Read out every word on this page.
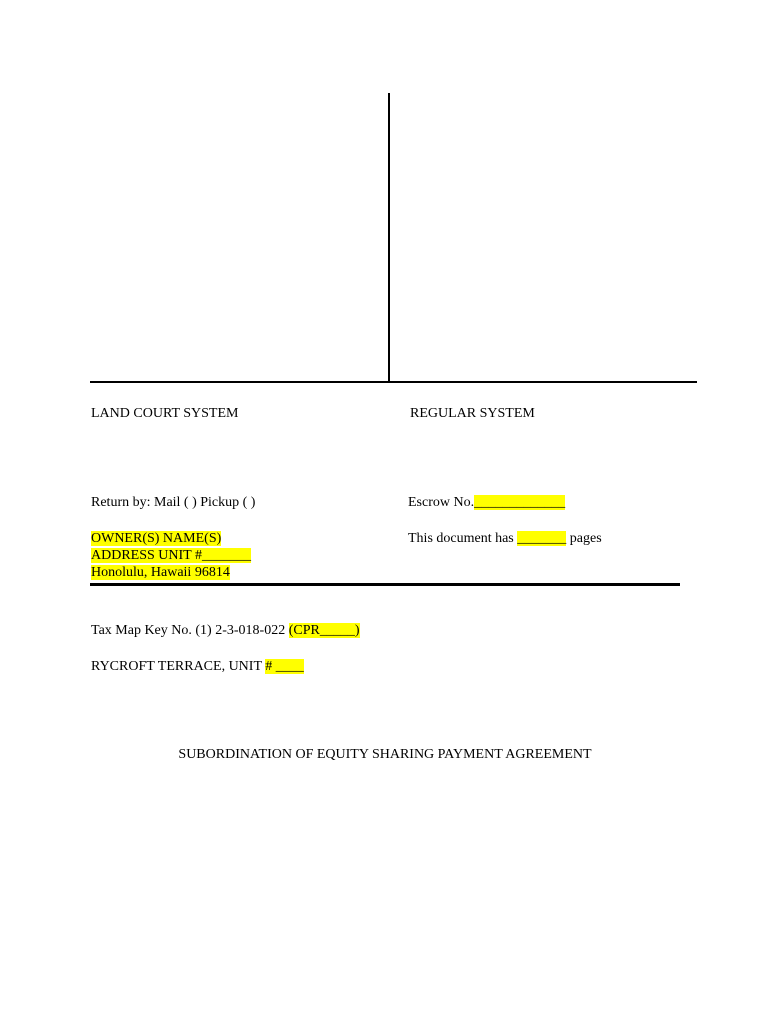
LAND COURT SYSTEM	REGULAR SYSTEM
Return by: Mail ( ) Pickup ( )	Escrow No._____________
OWNER(S) NAME(S)
ADDRESS UNIT #_______
Honolulu, Hawaii 96814
This document has _______ pages
Tax Map Key No. (1) 2-3-018-022 (CPR_____)
RYCROFT TERRACE, UNIT # ____
SUBORDINATION OF EQUITY SHARING PAYMENT AGREEMENT
